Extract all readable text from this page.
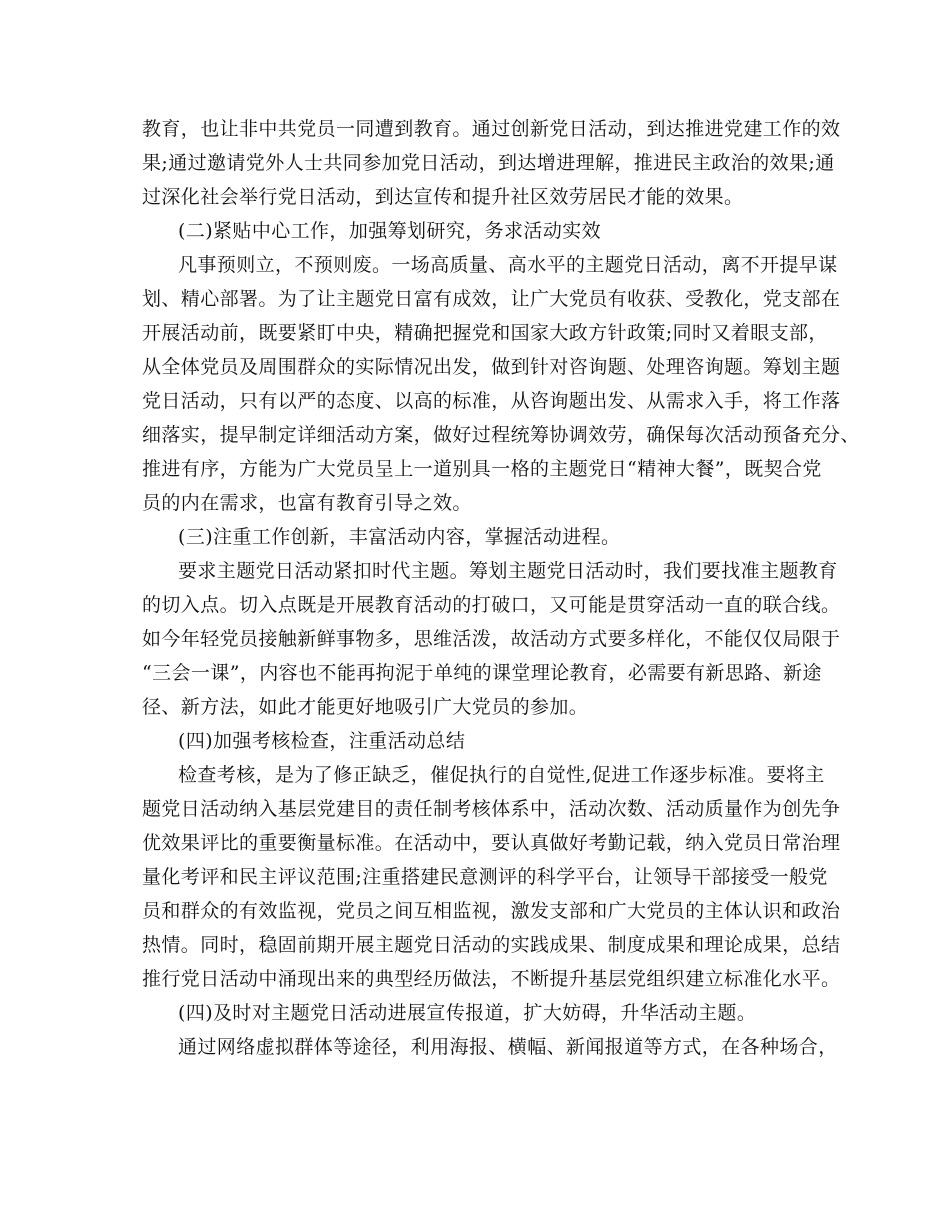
教育，也让非中共党员一同遭到教育。通过创新党日活动，到达推进党建工作的效
果;通过邀请党外人士共同参加党日活动，到达增进理解，推进民主政治的效果;通
过深化社会举行党日活动，到达宣传和提升社区效劳居民才能的效果。
(二)紧贴中心工作，加强筹划研究，务求活动实效
凡事预则立，不预则废。一场高质量、高水平的主题党日活动，离不开提早谋
划、精心部署。为了让主题党日富有成效，让广大党员有收获、受教化，党支部在
开展活动前，既要紧盯中央，精确把握党和国家大政方针政策;同时又着眼支部，
从全体党员及周围群众的实际情况出发，做到针对咨询题、处理咨询题。筹划主题
党日活动，只有以严的态度、以高的标准，从咨询题出发、从需求入手，将工作落
细落实，提早制定详细活动方案，做好过程统筹协调效劳，确保每次活动预备充分、
推进有序，方能为广大党员呈上一道别具一格的主题党日“精神大餐”，既契合党
员的内在需求，也富有教育引导之效。
(三)注重工作创新，丰富活动内容，掌握活动进程。
要求主题党日活动紧扣时代主题。筹划主题党日活动时，我们要找准主题教育
的切入点。切入点既是开展教育活动的打破口，又可能是贯穿活动一直的联合线。
如今年轻党员接触新鲜事物多，思维活泼，故活动方式要多样化，不能仅仅局限于
“三会一课”，内容也不能再拘泥于单纯的课堂理论教育，必需要有新思路、新途
径、新方法，如此才能更好地吸引广大党员的参加。
(四)加强考核检查，注重活动总结
检查考核，是为了修正缺乏，催促执行的自觉性,促进工作逐步标准。要将主
题党日活动纳入基层党建目的责任制考核体系中，活动次数、活动质量作为创先争
优效果评比的重要衡量标准。在活动中，要认真做好考勤记载，纳入党员日常治理
量化考评和民主评议范围;注重搭建民意测评的科学平台，让领导干部接受一般党
员和群众的有效监视，党员之间互相监视，激发支部和广大党员的主体认识和政治
热情。同时，稳固前期开展主题党日活动的实践成果、制度成果和理论成果，总结
推行党日活动中涌现出来的典型经历做法，不断提升基层党组织建立标准化水平。
(四)及时对主题党日活动进展宣传报道，扩大妨碍，升华活动主题。
通过网络虚拟群体等途径，利用海报、横幅、新闻报道等方式，在各种场合，
